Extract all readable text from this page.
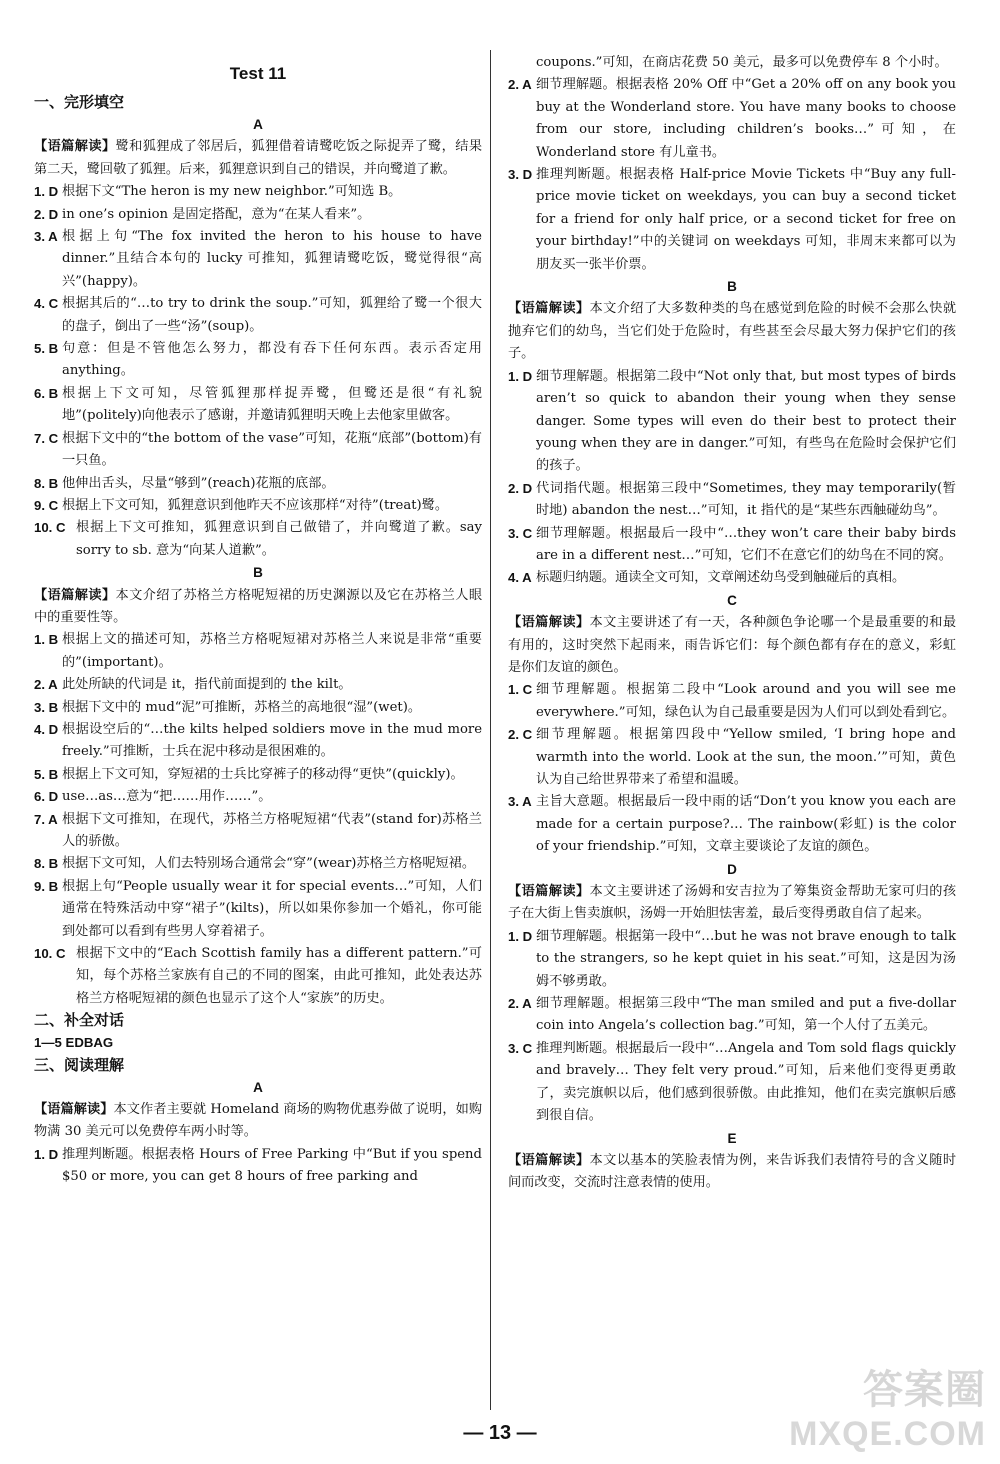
Test 11
一、完形填空
A
【语篇解读】鹭和狐狸成了邻居后，狐狸借着请鹭吃饭之际捉弄了鹭，结果第二天，鹭回敬了狐狸。后来，狐狸意识到自己的错误，并向鹭道了歉。
1. D 根据下文“The heron is my new neighbor.”可知选 B。
2. D in one’s opinion 是固定搭配，意为“在某人看来”。
3. A 根据上句“The fox invited the heron to his house to have dinner.”且结合本句的 lucky 可推知，狐狸请鹭吃饭，鹭觉得很“高兴”(happy)。
4. C 根据其后的“…to try to drink the soup.”可知，狐狸给了鹭一个很大的盘子，倒出了一些“汤”(soup)。
5. B 句意：但是不管他怎么努力，都没有吞下任何东西。表示否定用 anything。
6. B 根据上下文可知，尽管狐狸那样捉弄鹭，但鹭还是很“有礼貌地”(politely)向他表示了感谢，并邀请狐狸明天晚上去他家里做客。
7. C 根据下文中的“the bottom of the vase”可知，花瓶“底部”(bottom)有一只鱼。
8. B 他伸出舌头，尽量“够到”(reach)花瓶的底部。
9. C 根据上下文可知，狐狸意识到他昨天不应该那样“对待”(treat)鹭。
10. C 根据上下文可推知，狐狸意识到自己做错了，并向鹭道了歉。say sorry to sb. 意为“向某人道歉”。
B
【语篇解读】本文介绍了苏格兰方格呢短裙的历史渊源以及它在苏格兰人眼中的重要性等。
1. B 根据上文的描述可知，苏格兰方格呢短裙对苏格兰人来说是非常“重要的”(important)。
2. A 此处所缺的代词是 it，指代前面提到的 the kilt。
3. B 根据下文中的 mud“泥”可推断，苏格兰的高地很“湿”(wet)。
4. D 根据设空后的“…the kilts helped soldiers move in the mud more freely.”可推断，士兵在泥中移动是很困难的。
5. B 根据上下文可知，穿短裙的士兵比穿裤子的移动得“更快”(quickly)。
6. D use…as…意为“把……用作……”。
7. A 根据下文可推知，在现代，苏格兰方格呢短裙“代表”(stand for)苏格兰人的骄傲。
8. B 根据下文可知，人们去特别场合通常会“穿”(wear)苏格兰方格呢短裙。
9. B 根据上句“People usually wear it for special events…”可知，人们通常在特殊活动中穿“裙子”(kilts)，所以如果你参加一个婚礼，你可能到处都可以看到有些男人穿着裙子。
10. C 根据下文中的“Each Scottish family has a different pattern.”可知，每个苏格兰家族有自己的不同的图案，由此可推知，此处表达苏格兰方格呢短裙的颜色也显示了这个人“家族”的历史。
二、补全对话
1—5 EDBAG
三、阅读理解
A
【语篇解读】本文作者主要就 Homeland 商场的购物优惠券做了说明，如购物满 30 美元可以免费停车两小时等。
1. D 推理判断题。根据表格 Hours of Free Parking 中“But if you spend $50 or more, you can get 8 hours of free parking and
coupons.”可知，在商店花费 50 美元，最多可以免费停车 8 个小时。
2. A 细节理解题。根据表格 20% Off 中“Get a 20% off on any book you buy at the Wonderland store. You have many books to choose from our store, including children’s books…”可知，在 Wonderland store 有儿童书。
3. D 推理判断题。根据表格 Half-price Movie Tickets 中“Buy any full-price movie ticket on weekdays, you can buy a second ticket for a friend for only half price, or a second ticket for free on your birthday!”中的关键词 on weekdays 可知，非周末来都可以为朋友买一张半价票。
B
【语篇解读】本文介绍了大多数种类的鸟在感觉到危险的时候不会那么快就抛弃它们的幼鸟，当它们处于危险时，有些甚至会尽最大努力保护它们的孩子。
1. D 细节理解题。根据第二段中“Not only that, but most types of birds aren’t so quick to abandon their young when they sense danger. Some types will even do their best to protect their young when they are in danger.”可知，有些鸟在危险时会保护它们的孩子。
2. D 代词指代题。根据第三段中“Sometimes, they may temporarily(暂时地) abandon the nest…”可知，it 指代的是“某些东西触碰幼鸟”。
3. C 细节理解题。根据最后一段中“…they won’t care their baby birds are in a different nest…”可知，它们不在意它们的幼鸟在不同的窝。
4. A 标题归纳题。通读全文可知，文章阐述幼鸟受到触碰后的真相。
C
【语篇解读】本文主要讲述了有一天，各种颜色争论哪一个是最重要的和最有用的，这时突然下起雨来，雨告诉它们：每个颜色都有存在的意义，彩虹是你们友谊的颜色。
1. C 细节理解题。根据第二段中“Look around and you will see me everywhere.”可知，绿色认为自己最重要是因为人们可以到处看到它。
2. C 细节理解题。根据第四段中“Yellow smiled, ‘I bring hope and warmth into the world. Look at the sun, the moon.’”可知，黄色认为自己给世界带来了希望和温暖。
3. A 主旨大意题。根据最后一段中雨的话“Don’t you know you each are made for a certain purpose?… The rainbow(彩虹) is the color of your friendship.”可知，文章主要谈论了友谊的颜色。
D
【语篇解读】本文主要讲述了汤姆和安吉拉为了筹集资金帮助无家可归的孩子在大街上售卖旗帜，汤姆一开始胆怯害羞，最后变得勇敢自信了起来。
1. D 细节理解题。根据第一段中“…but he was not brave enough to talk to the strangers, so he kept quiet in his seat.”可知，这是因为汤姆不够勇敢。
2. A 细节理解题。根据第三段中“The man smiled and put a five-dollar coin into Angela’s collection bag.”可知，第一个人付了五美元。
3. C 推理判断题。根据最后一段中“…Angela and Tom sold flags quickly and bravely… They felt very proud.”可知，后来他们变得更勇敢了，卖完旗帜以后，他们感到很骄傲。由此推知，他们在卖完旗帜后感到很自信。
E
【语篇解读】本文以基本的笑脸表情为例，来告诉我们表情符号的含义随时间而改变，交流时注意表情的使用。
— 13 —
答案圈
MXQE.COM
